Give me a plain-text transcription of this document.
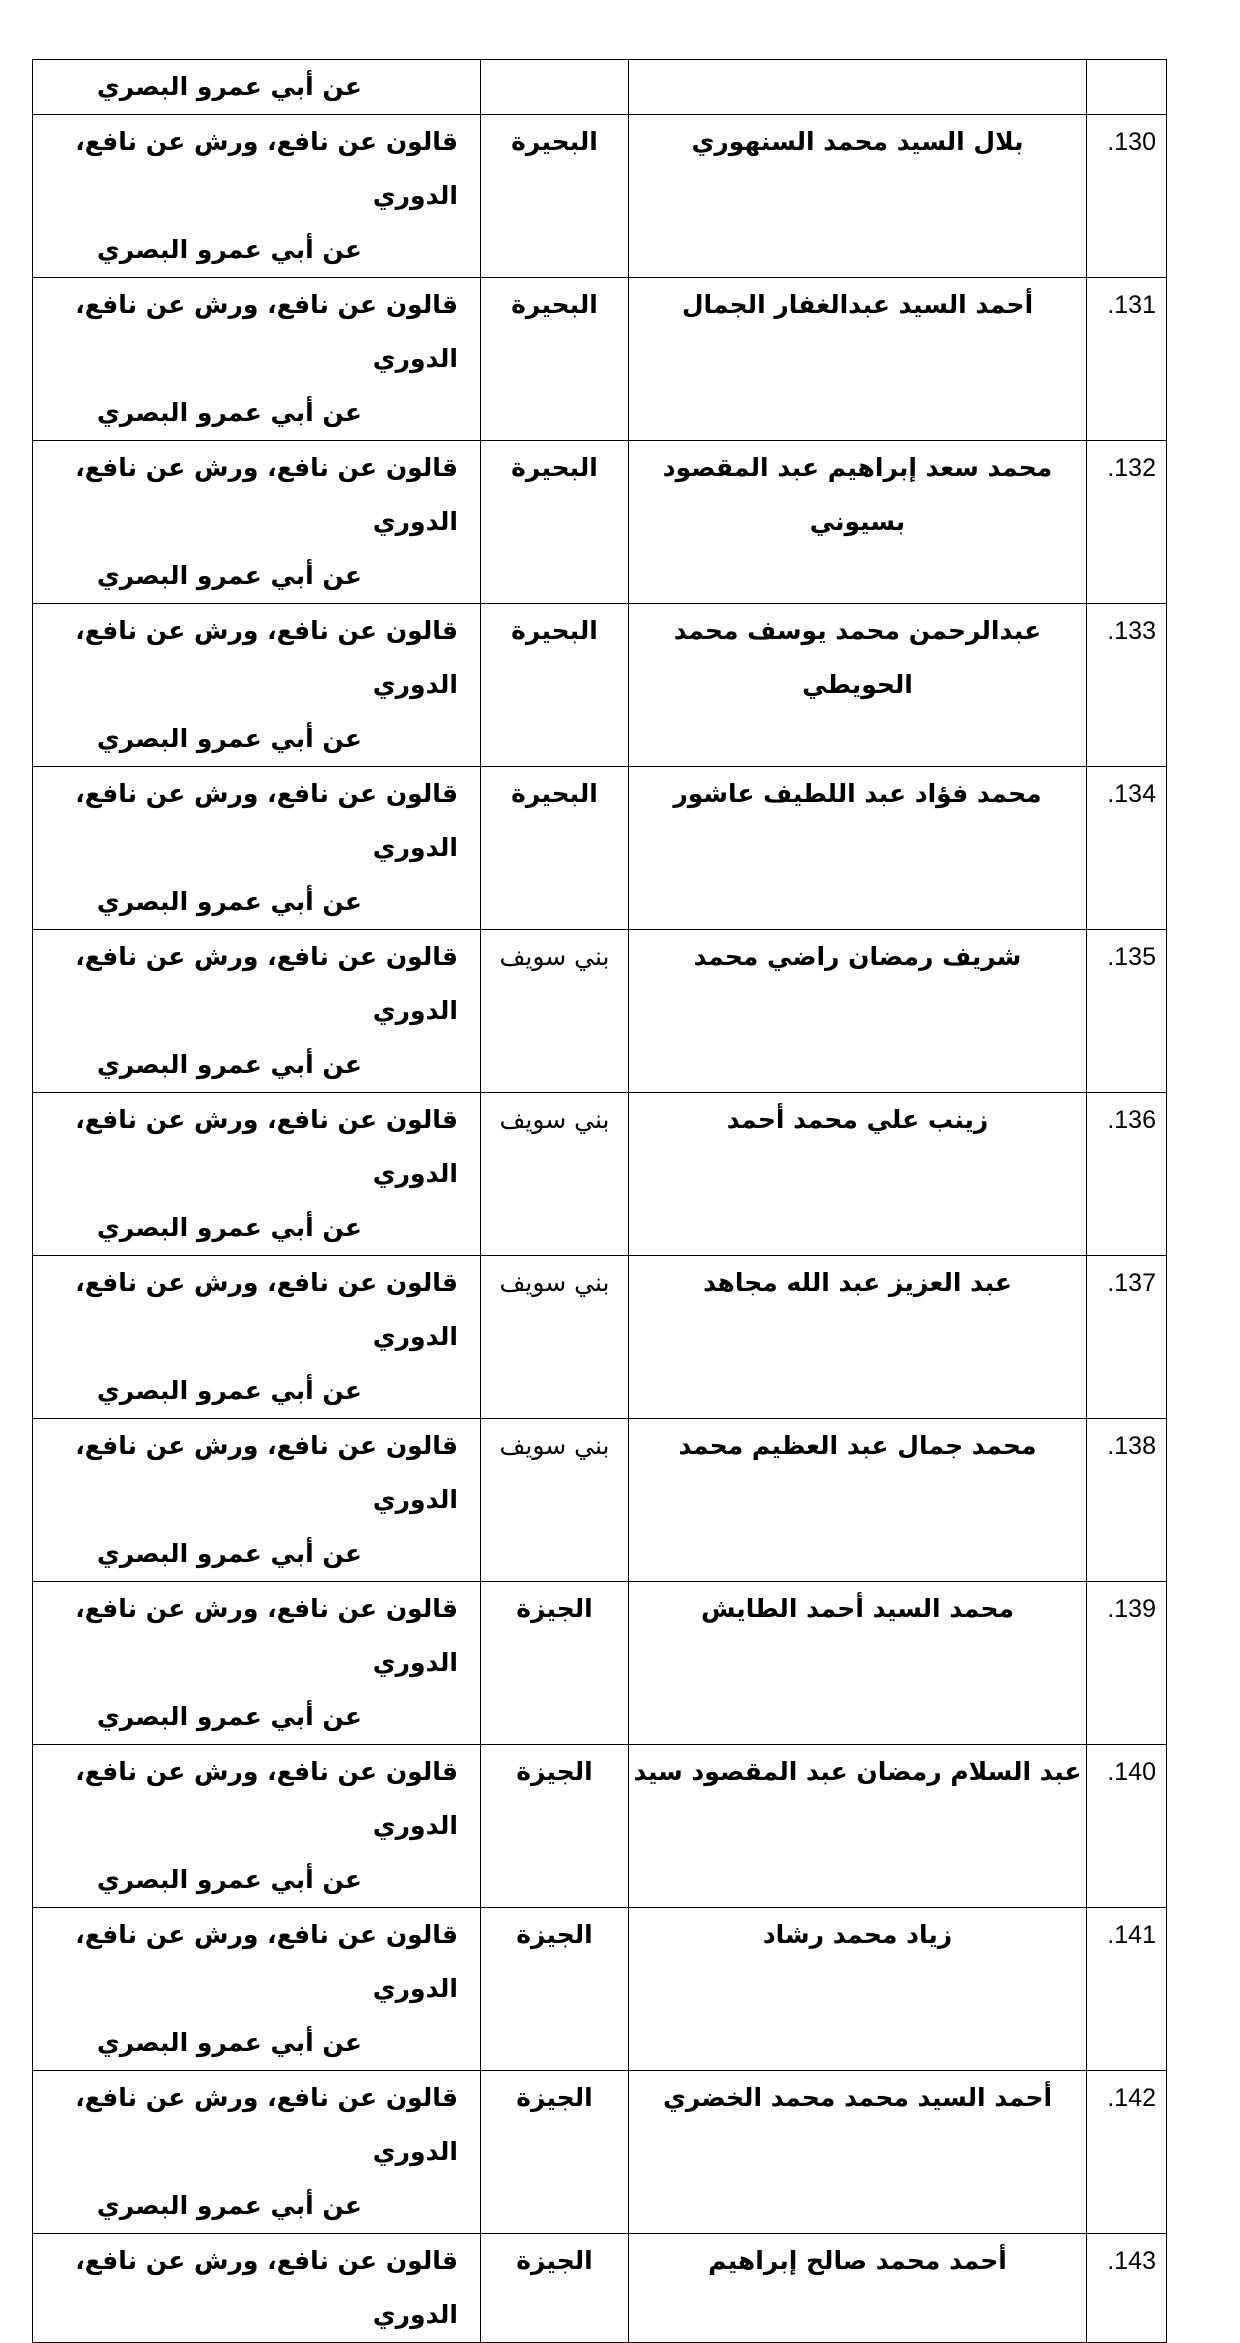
			عن أبي عمرو البصري

.130	بلال السيد محمد السنهوري	البحيرة	قالون عن نافع، ورش عن نافع، الدوري
عن أبي عمرو البصري

.131	أحمد السيد عبدالغفار الجمال	البحيرة	قالون عن نافع، ورش عن نافع، الدوري
عن أبي عمرو البصري

.132	محمد سعد إبراهيم عبد المقصود بسيوني	البحيرة	قالون عن نافع، ورش عن نافع، الدوري
عن أبي عمرو البصري

.133	عبدالرحمن محمد يوسف محمد الحويطي	البحيرة	قالون عن نافع، ورش عن نافع، الدوري
عن أبي عمرو البصري

.134	محمد فؤاد عبد اللطيف عاشور	البحيرة	قالون عن نافع، ورش عن نافع، الدوري
عن أبي عمرو البصري

.135	شريف رمضان راضي محمد	بني سويف	قالون عن نافع، ورش عن نافع، الدوري
عن أبي عمرو البصري

.136	زينب علي محمد أحمد	بني سويف	قالون عن نافع، ورش عن نافع، الدوري
عن أبي عمرو البصري

.137	عبد العزيز عبد الله مجاهد	بني سويف	قالون عن نافع، ورش عن نافع، الدوري
عن أبي عمرو البصري

.138	محمد جمال عبد العظيم محمد	بني سويف	قالون عن نافع، ورش عن نافع، الدوري
عن أبي عمرو البصري

.139	محمد السيد أحمد الطايش	الجيزة	قالون عن نافع، ورش عن نافع، الدوري
عن أبي عمرو البصري

.140	عبد السلام رمضان عبد المقصود سيد	الجيزة	قالون عن نافع، ورش عن نافع، الدوري
عن أبي عمرو البصري

.141	زياد محمد رشاد	الجيزة	قالون عن نافع، ورش عن نافع، الدوري
عن أبي عمرو البصري

.142	أحمد السيد محمد محمد الخضري	الجيزة	قالون عن نافع، ورش عن نافع، الدوري
عن أبي عمرو البصري

.143	أحمد محمد صالح إبراهيم	الجيزة	قالون عن نافع، ورش عن نافع، الدوري
